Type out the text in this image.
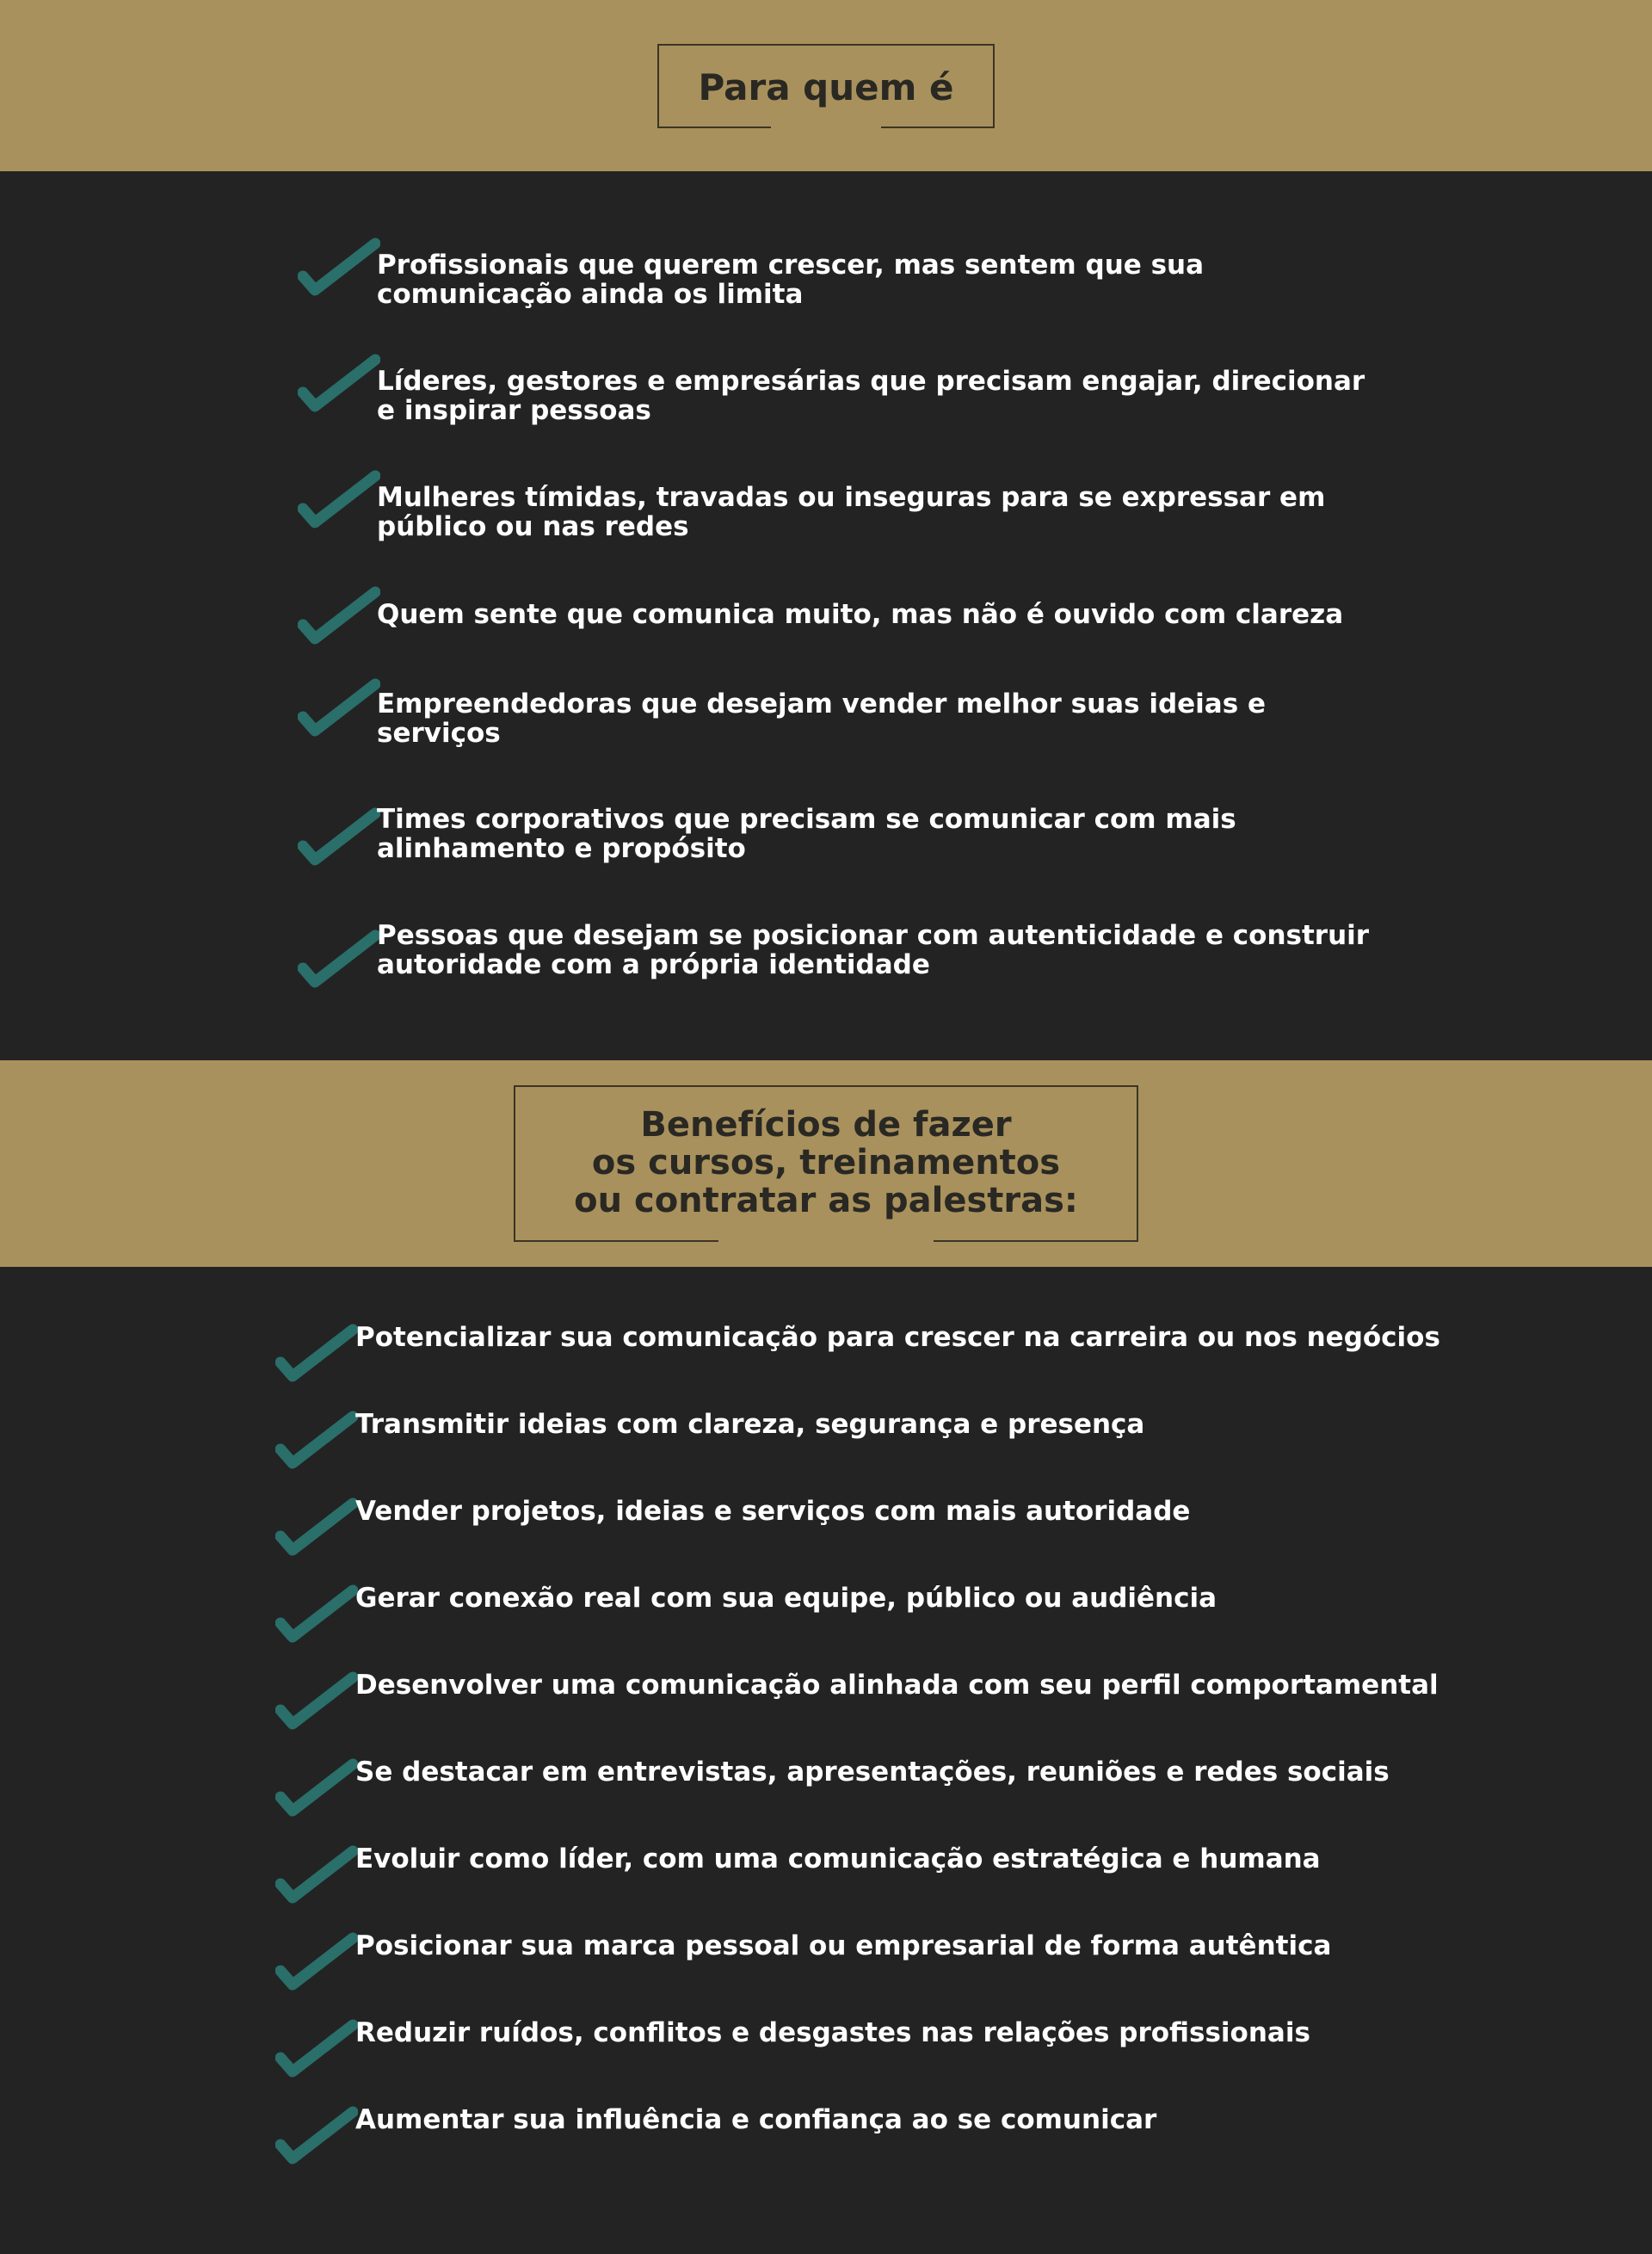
Para quem é
Profissionais que querem crescer, mas sentem que sua
comunicação ainda os limita
Líderes, gestores e empresárias que precisam engajar, direcionar
e inspirar pessoas
Mulheres tímidas, travadas ou inseguras para se expressar em
público ou nas redes
Quem sente que comunica muito, mas não é ouvido com clareza
Empreendedoras que desejam vender melhor suas ideias e
serviços
Times corporativos que precisam se comunicar com mais
alinhamento e propósito
Pessoas que desejam se posicionar com autenticidade e construir
autoridade com a própria identidade
Benefícios de fazer
os cursos, treinamentos
ou contratar as palestras:
Potencializar sua comunicação para crescer na carreira ou nos negócios
Transmitir ideias com clareza, segurança e presença
Vender projetos, ideias e serviços com mais autoridade
Gerar conexão real com sua equipe, público ou audiência
Desenvolver uma comunicação alinhada com seu perfil comportamental
Se destacar em entrevistas, apresentações, reuniões e redes sociais
Evoluir como líder, com uma comunicação estratégica e humana
Posicionar sua marca pessoal ou empresarial de forma autêntica
Reduzir ruídos, conflitos e desgastes nas relações profissionais
Aumentar sua influência e confiança ao se comunicar
